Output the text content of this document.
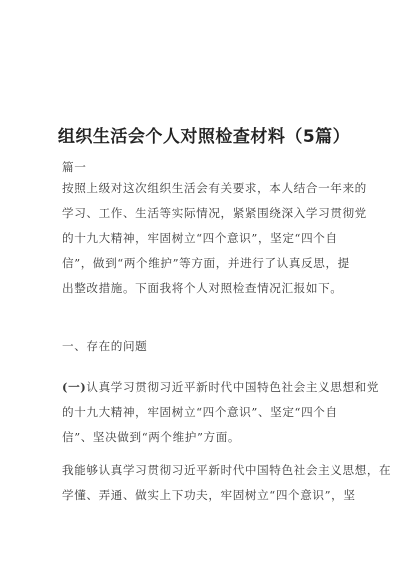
组织生活会个人对照检查材料（5篇）
篇一
按照上级对这次组织生活会有关要求，本人结合一年来的
学习、工作、生活等实际情况，紧紧围绕深入学习贯彻党
的十九大精神，牢固树立“四个意识”，坚定“四个自
信”，做到“两个维护”等方面，并进行了认真反思，提
出整改措施。下面我将个人对照检查情况汇报如下。
一、存在的问题
(一)认真学习贯彻习近平新时代中国特色社会主义思想和党
的十九大精神，牢固树立“四个意识”、坚定“四个自
信”、坚决做到“两个维护”方面。
我能够认真学习贯彻习近平新时代中国特色社会主义思想，在
学懂、弄通、做实上下功夫，牢固树立“四个意识”，坚
